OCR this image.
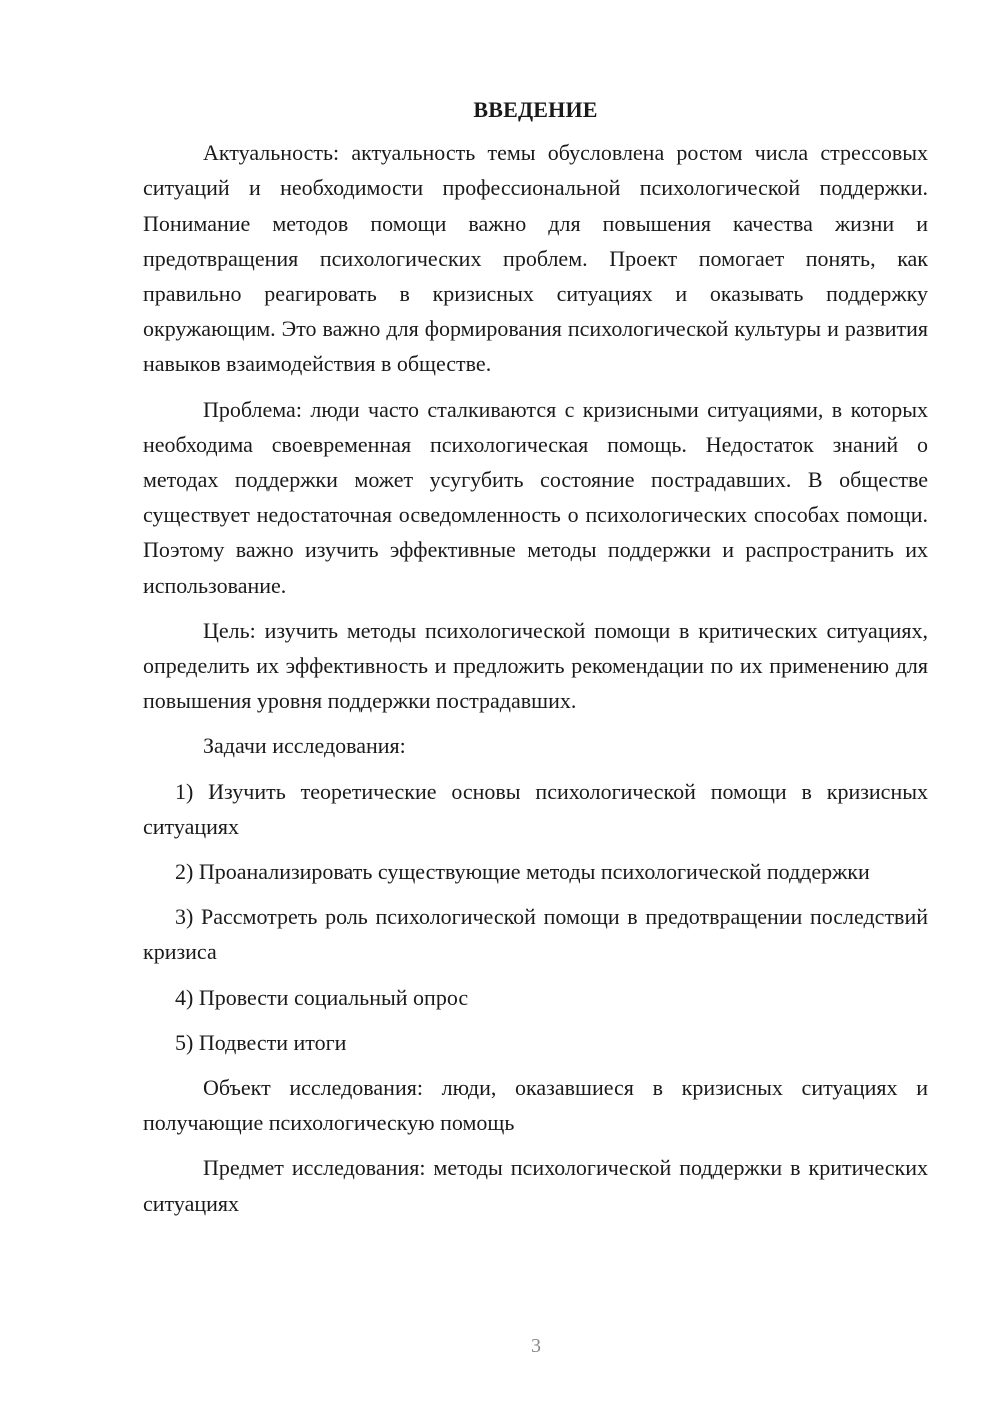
ВВЕДЕНИЕ

Актуальность: актуальность темы обусловлена ростом числа стрессовых ситуаций и необходимости профессиональной психологической поддержки. Понимание методов помощи важно для повышения качества жизни и предотвращения психологических проблем. Проект помогает понять, как правильно реагировать в кризисных ситуациях и оказывать поддержку окружающим. Это важно для формирования психологической культуры и развития навыков взаимодействия в обществе.

Проблема: люди часто сталкиваются с кризисными ситуациями, в которых необходима своевременная психологическая помощь. Недостаток знаний о методах поддержки может усугубить состояние пострадавших. В обществе существует недостаточная осведомленность о психологических способах помощи. Поэтому важно изучить эффективные методы поддержки и распространить их использование.

Цель: изучить методы психологической помощи в критических ситуациях, определить их эффективность и предложить рекомендации по их применению для повышения уровня поддержки пострадавших.

Задачи исследования:

1) Изучить теоретические основы психологической помощи в кризисных ситуациях

2) Проанализировать существующие методы психологической поддержки

3) Рассмотреть роль психологической помощи в предотвращении последствий кризиса

4) Провести социальный опрос

5) Подвести итоги

Объект исследования: люди, оказавшиеся в кризисных ситуациях и получающие психологическую помощь

Предмет исследования: методы психологической поддержки в критических ситуациях

3
